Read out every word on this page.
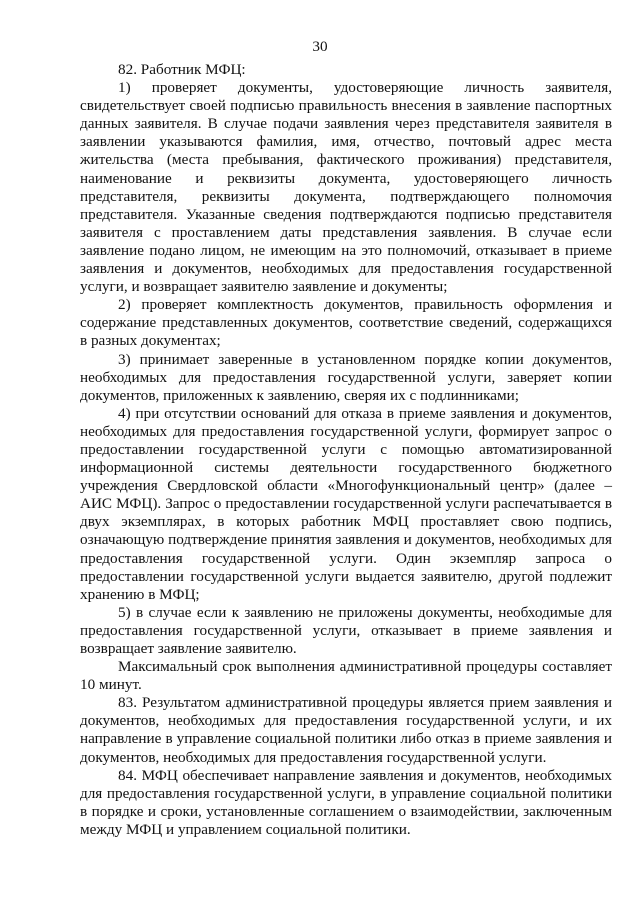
30

82. Работник МФЦ:

1) проверяет документы, удостоверяющие личность заявителя, свидетельствует своей подписью правильность внесения в заявление паспортных данных заявителя. В случае подачи заявления через представителя заявителя в заявлении указываются фамилия, имя, отчество, почтовый адрес места жительства (места пребывания, фактического проживания) представителя, наименование и реквизиты документа, удостоверяющего личность представителя, реквизиты документа, подтверждающего полномочия представителя. Указанные сведения подтверждаются подписью представителя заявителя с проставлением даты представления заявления. В случае если заявление подано лицом, не имеющим на это полномочий, отказывает в приеме заявления и документов, необходимых для предоставления государственной услуги, и возвращает заявителю заявление и документы;

2) проверяет комплектность документов, правильность оформления и содержание представленных документов, соответствие сведений, содержащихся в разных документах;

3) принимает заверенные в установленном порядке копии документов, необходимых для предоставления государственной услуги, заверяет копии документов, приложенных к заявлению, сверяя их с подлинниками;

4) при отсутствии оснований для отказа в приеме заявления и документов, необходимых для предоставления государственной услуги, формирует запрос о предоставлении государственной услуги с помощью автоматизированной информационной системы деятельности государственного бюджетного учреждения Свердловской области «Многофункциональный центр» (далее – АИС МФЦ). Запрос о предоставлении государственной услуги распечатывается в двух экземплярах, в которых работник МФЦ проставляет свою подпись, означающую подтверждение принятия заявления и документов, необходимых для предоставления государственной услуги. Один экземпляр запроса о предоставлении государственной услуги выдается заявителю, другой подлежит хранению в МФЦ;

5) в случае если к заявлению не приложены документы, необходимые для предоставления государственной услуги, отказывает в приеме заявления и возвращает заявление заявителю.

Максимальный срок выполнения административной процедуры составляет 10 минут.

83. Результатом административной процедуры является прием заявления и документов, необходимых для предоставления государственной услуги, и их направление в управление социальной политики либо отказ в приеме заявления и документов, необходимых для предоставления государственной услуги.

84. МФЦ обеспечивает направление заявления и документов, необходимых для предоставления государственной услуги, в управление социальной политики в порядке и сроки, установленные соглашением о взаимодействии, заключенным между МФЦ и управлением социальной политики.
